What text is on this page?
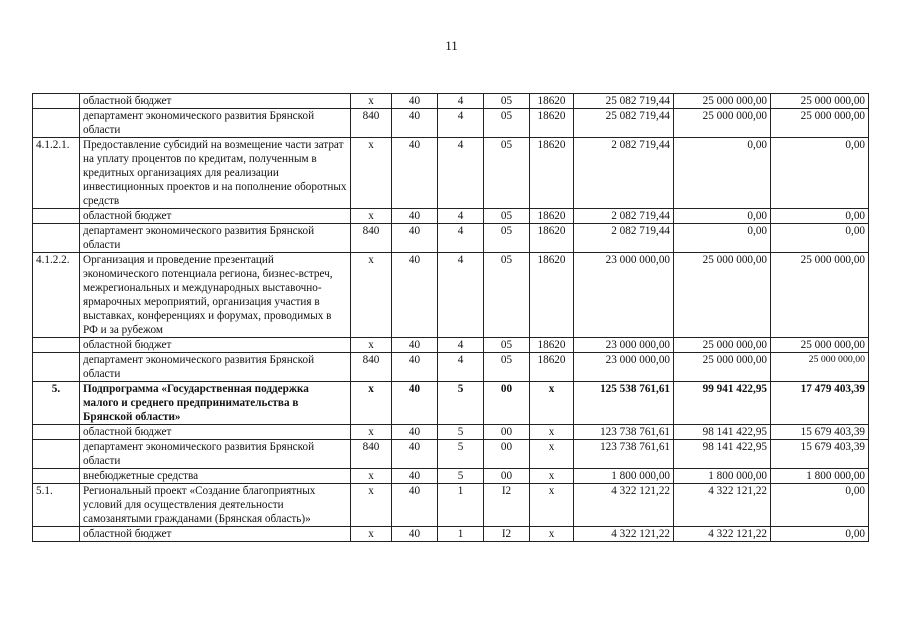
11
	областной бюджет	х	40	4	05	18620	25 082 719,44	25 000 000,00	25 000 000,00
	департамент экономического развития Брянской области	840	40	4	05	18620	25 082 719,44	25 000 000,00	25 000 000,00
4.1.2.1.	Предоставление субсидий на возмещение части затрат на уплату процентов по кредитам, полученным в кредитных организациях для реализации инвестиционных проектов и на пополнение оборотных средств	х	40	4	05	18620	2 082 719,44	0,00	0,00
	областной бюджет	х	40	4	05	18620	2 082 719,44	0,00	0,00
	департамент экономического развития Брянской области	840	40	4	05	18620	2 082 719,44	0,00	0,00
4.1.2.2.	Организация и проведение презентаций экономического потенциала региона, бизнес-встреч, межрегиональных и международных выставочно-ярмарочных мероприятий, организация участия в выставках, конференциях и форумах, проводимых в РФ и за рубежом	х	40	4	05	18620	23 000 000,00	25 000 000,00	25 000 000,00
	областной бюджет	х	40	4	05	18620	23 000 000,00	25 000 000,00	25 000 000,00
	департамент экономического развития Брянской области	840	40	4	05	18620	23 000 000,00	25 000 000,00	25 000 000,00
5.	Подпрограмма «Государственная поддержка малого и среднего предпринимательства в Брянской области»	х	40	5	00	х	125 538 761,61	99 941 422,95	17 479 403,39
	областной бюджет	х	40	5	00	х	123 738 761,61	98 141 422,95	15 679 403,39
	департамент экономического развития Брянской области	840	40	5	00	х	123 738 761,61	98 141 422,95	15 679 403,39
	внебюджетные средства	х	40	5	00	х	1 800 000,00	1 800 000,00	1 800 000,00
5.1.	Региональный проект «Создание благоприятных условий для осуществления деятельности самозанятыми гражданами (Брянская область)»	х	40	1	I2	х	4 322 121,22	4 322 121,22	0,00
	областной бюджет	х	40	1	I2	х	4 322 121,22	4 322 121,22	0,00
